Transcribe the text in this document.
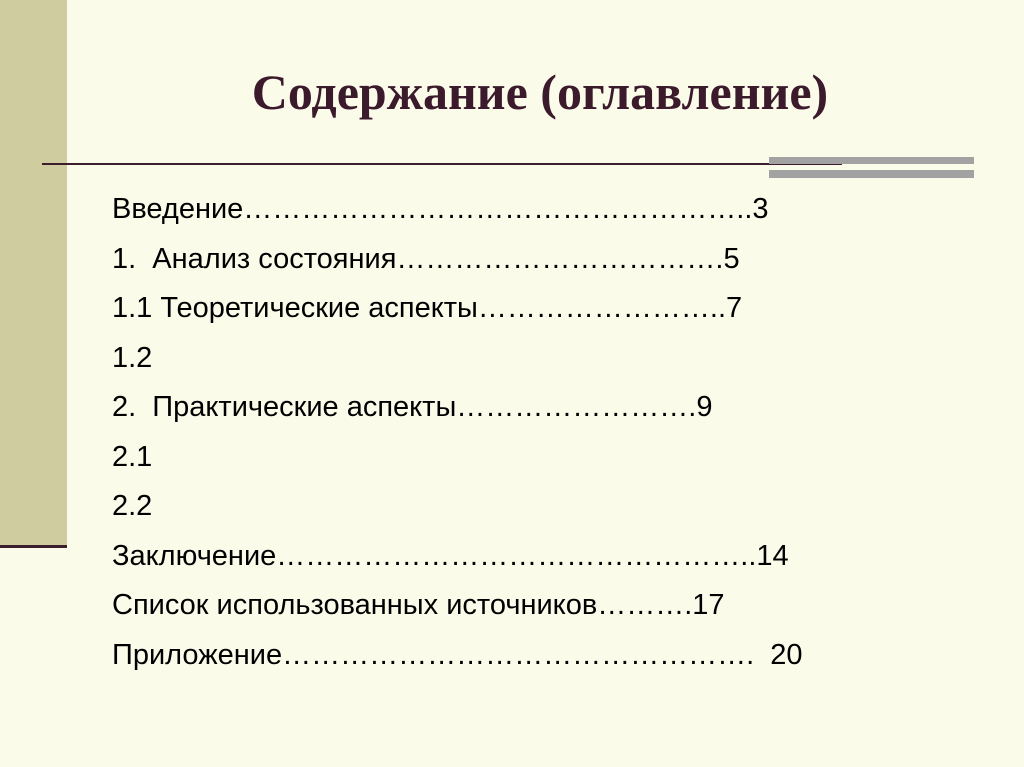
Содержание (оглавление)
Введение……………………………………………..3
1.  Анализ состояния…………………………….5
1.1 Теоретические аспекты……………………..7
1.2
2.  Практические аспекты…………………….9
2.1
2.2
Заключение…………………………………………..14
Список использованных источников……….17
Приложение………………………………………….  20
